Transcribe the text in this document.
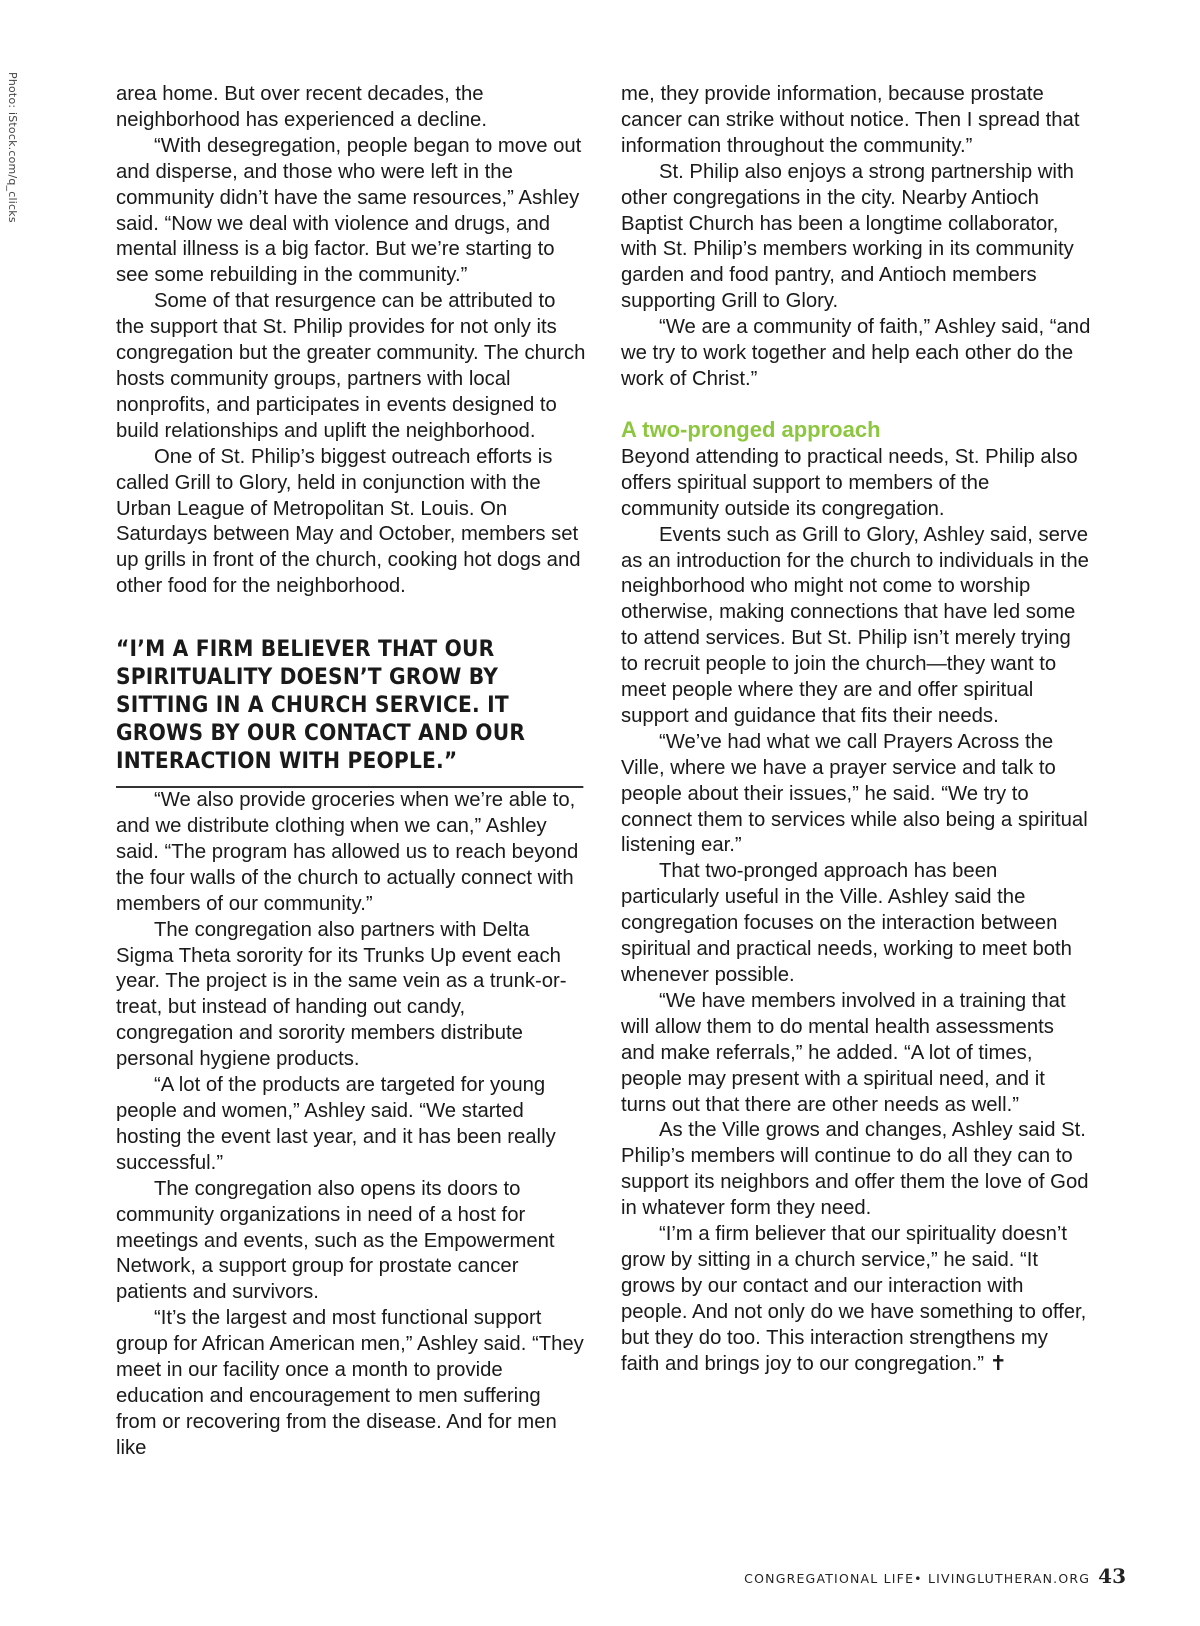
Photo: iStock.com/q_clicks	area home. But over recent decades, the neighborhood has experienced a decline.

“With desegregation, people began to move out and disperse, and those who were left in the community didn’t have the same resources,” Ashley said. “Now we deal with violence and drugs, and mental illness is a big factor. But we’re starting to see some rebuilding in the community.”

Some of that resurgence can be attributed to the support that St. Philip provides for not only its congregation but the greater community. The church hosts community groups, partners with local nonprofits, and participates in events designed to build relationships and uplift the neighborhood.

One of St. Philip’s biggest outreach efforts is called Grill to Glory, held in conjunction with the Urban League of Metropolitan St. Louis. On Saturdays between May and October, members set up grills in front of the church, cooking hot dogs and other food for the neighborhood.

“I’M A FIRM BELIEVER THAT OUR SPIRITUALITY DOESN’T GROW BY SITTING IN A CHURCH SERVICE. IT GROWS BY OUR CONTACT AND OUR INTERACTION WITH PEOPLE.”

“We also provide groceries when we’re able to, and we distribute clothing when we can,” Ashley said. “The program has allowed us to reach beyond the four walls of the church to actually connect with members of our community.”

The congregation also partners with Delta Sigma Theta sorority for its Trunks Up event each year. The project is in the same vein as a trunk-or-treat, but instead of handing out candy, congregation and sorority members distribute personal hygiene products.

“A lot of the products are targeted for young people and women,” Ashley said. “We started hosting the event last year, and it has been really successful.”

The congregation also opens its doors to community organizations in need of a host for meetings and events, such as the Empowerment Network, a support group for prostate cancer patients and survivors.

“It’s the largest and most functional support group for African American men,” Ashley said. “They meet in our facility once a month to provide education and encouragement to men suffering from or recovering from the disease. And for men like

me, they provide information, because prostate cancer can strike without notice. Then I spread that information throughout the community.”

St. Philip also enjoys a strong partnership with other congregations in the city. Nearby Antioch Baptist Church has been a longtime collaborator, with St. Philip’s members working in its community garden and food pantry, and Antioch members supporting Grill to Glory.

“We are a community of faith,” Ashley said, “and we try to work together and help each other do the work of Christ.”

A two-pronged approach

Beyond attending to practical needs, St. Philip also offers spiritual support to members of the community outside its congregation.

Events such as Grill to Glory, Ashley said, serve as an introduction for the church to individuals in the neighborhood who might not come to worship otherwise, making connections that have led some to attend services. But St. Philip isn’t merely trying to recruit people to join the church—they want to meet people where they are and offer spiritual support and guidance that fits their needs.

“We’ve had what we call Prayers Across the Ville, where we have a prayer service and talk to people about their issues,” he said. “We try to connect them to services while also being a spiritual listening ear.”

That two-pronged approach has been particularly useful in the Ville. Ashley said the congregation focuses on the interaction between spiritual and practical needs, working to meet both whenever possible.

“We have members involved in a training that will allow them to do mental health assessments and make referrals,” he added. “A lot of times, people may present with a spiritual need, and it turns out that there are other needs as well.”

As the Ville grows and changes, Ashley said St. Philip’s members will continue to do all they can to support its neighbors and offer them the love of God in whatever form they need.

“I’m a firm believer that our spirituality doesn’t grow by sitting in a church service,” he said. “It grows by our contact and our interaction with people. And not only do we have something to offer, but they do too. This interaction strengthens my faith and brings joy to our congregation.” ✝

CONGREGATIONAL LIFE• LIVINGLUTHERAN.ORG 43
